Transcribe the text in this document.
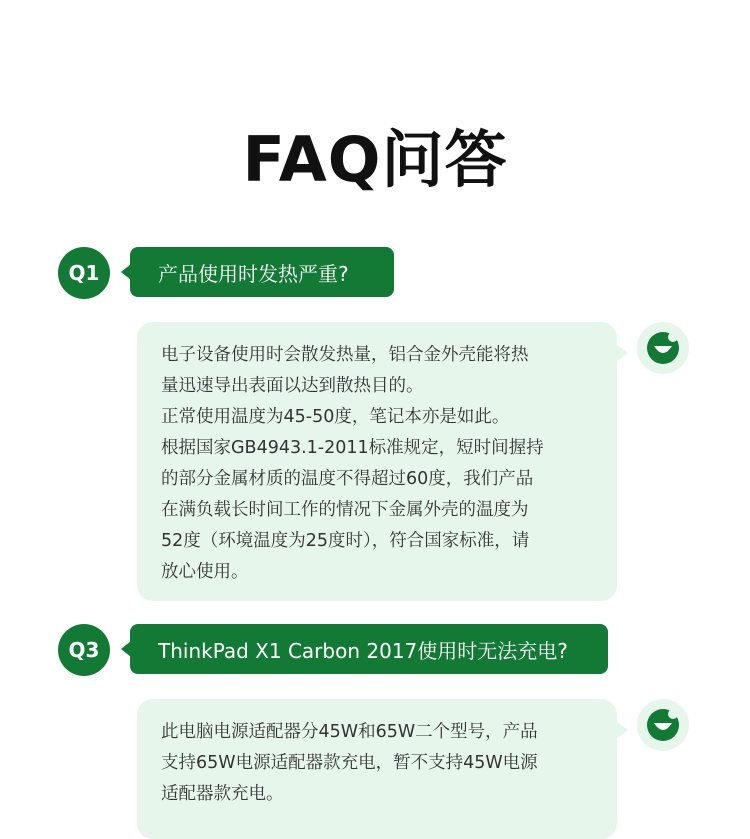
FAQ问答
Q1	产品使用时发热严重?
电子设备使用时会散发热量，铝合金外壳能将热
量迅速导出表面以达到散热目的。
正常使用温度为45-50度，笔记本亦是如此。
根据国家GB4943.1-2011标准规定，短时间握持
的部分金属材质的温度不得超过60度，我们产品
在满负载长时间工作的情况下金属外壳的温度为
52度（环境温度为25度时），符合国家标准，请
放心使用。
Q3	ThinkPad X1 Carbon 2017使用时无法充电?
此电脑电源适配器分45W和65W二个型号，产品
支持65W电源适配器款充电，暂不支持45W电源
适配器款充电。
